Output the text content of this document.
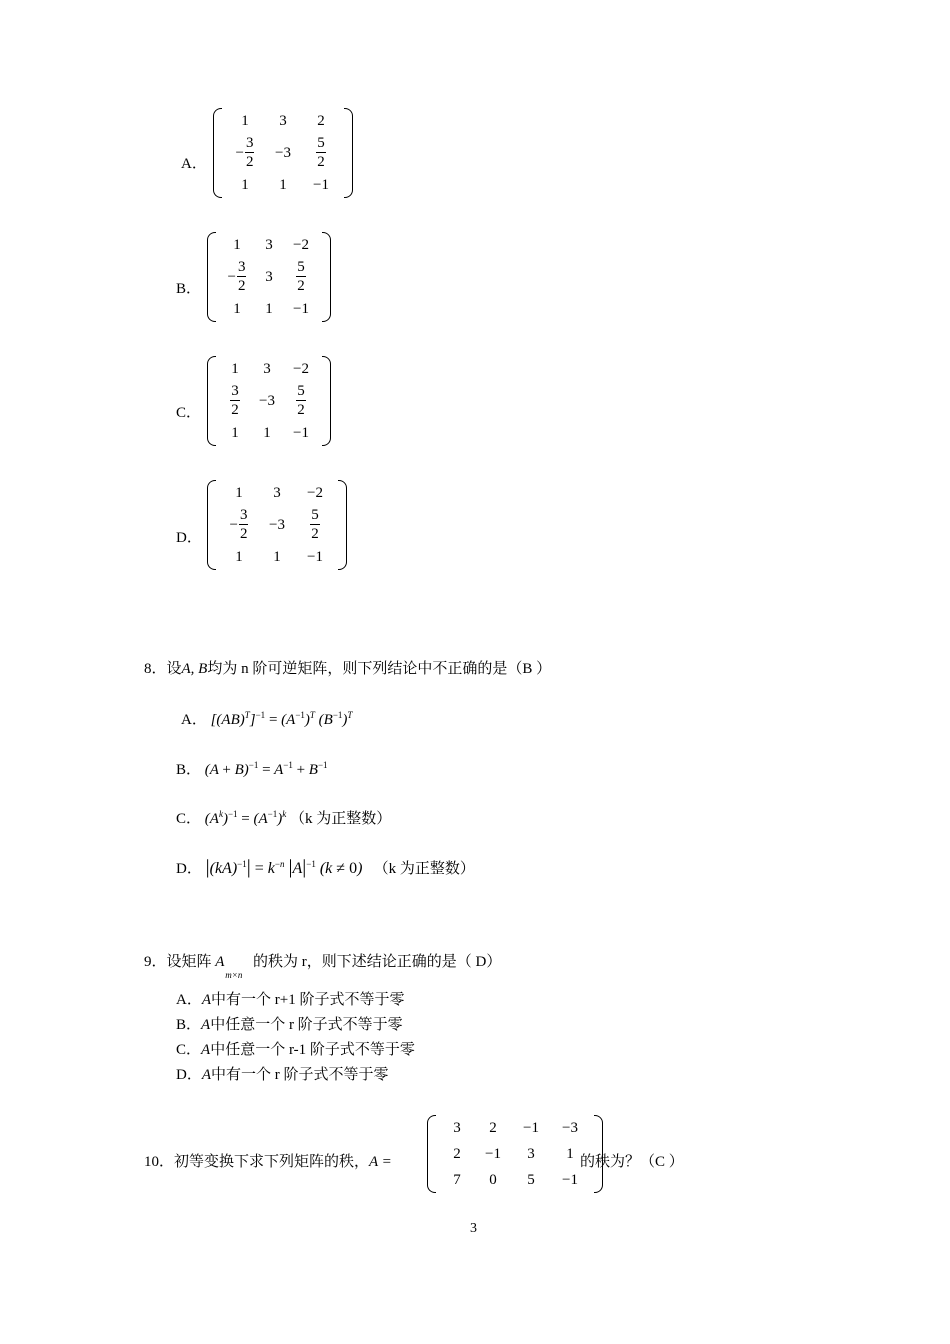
A．
1 3 2
− $\frac{3}{2} -3 \frac{5}{2}$
1 1 −1
B．
1 3 −2
− $\frac{3}{2} 3 \frac{5}{2}$
1 1 −1
C．
1 3 −2
$\frac{3}{2} -3 \frac{5}{2}$
1 1 −1
D．
1 3 −2
− $\frac{3}{2} -3 \frac{5}{2}$
1 1 −1
8．设A, B均为 n 阶可逆矩阵，则下列结论中不正确的是（B ）
A． $[(AB)^T]^{-1} = (A^{-1})^T$ $(B^{-1})^T$
B． $(A + B)^{-1} = A^{-1} + B^{-1}$
C． $(A^k)^{-1} = (A^{-1})^k$ （k 为正整数）
D． $|(kA)^{-1}| = k^{-n}$ $|A|^{-1}$ (k ≠ 0) （k 为正整数）
9．设矩阵 A
m×n
的秩为 r，则下述结论正确的是（ D）
A．A中有一个 r+1 阶子式不等于零
B．A中任意一个 r 阶子式不等于零
C．A中任意一个 r-1 阶子式不等于零
D．A中有一个 r 阶子式不等于零
10．初等变换下求下列矩阵的秩，A =
3 2 −1 −3
2 −1 3 1
7 0 5 −1
的秩为？（C ）
3
